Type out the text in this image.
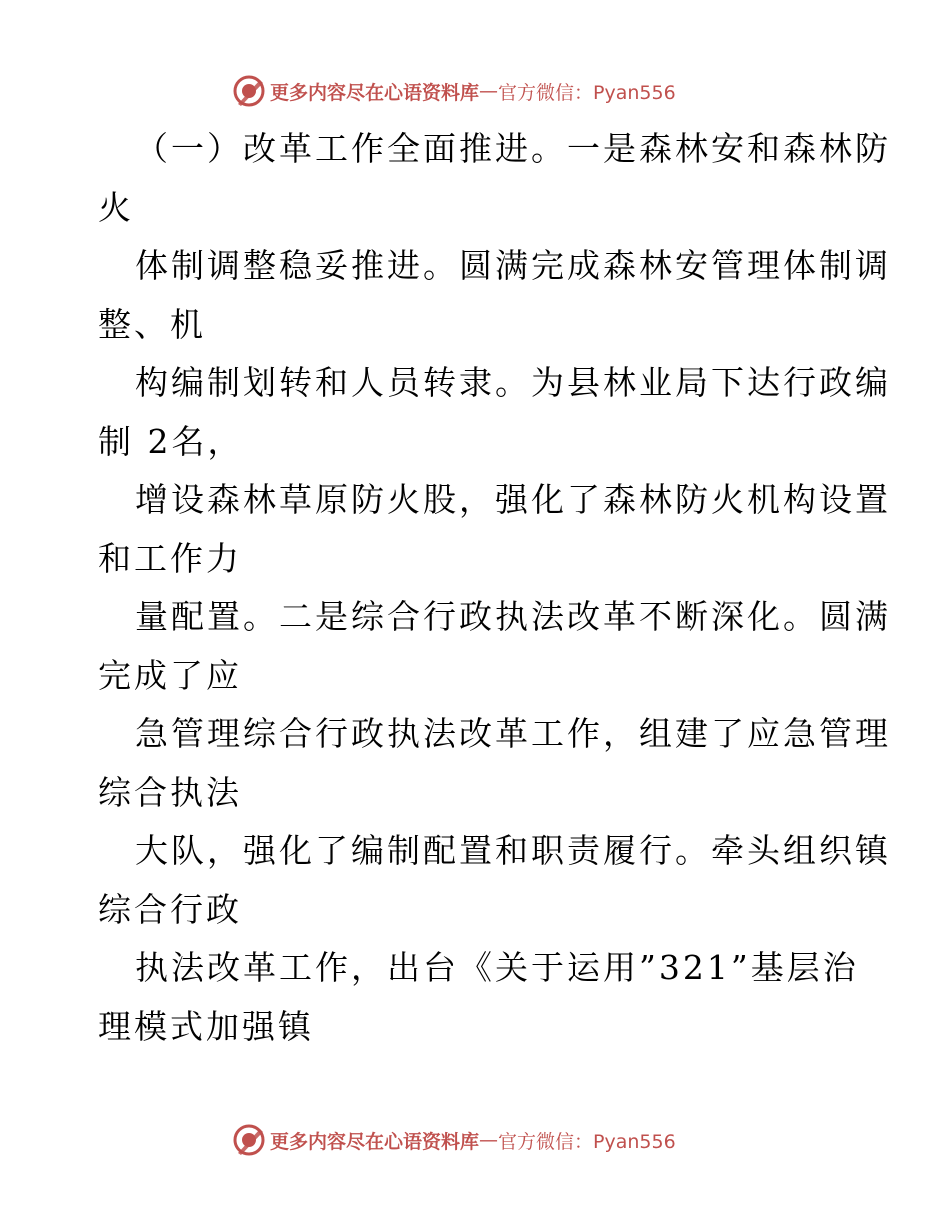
更多内容尽在心语资料库 — 官方微信：Pyan556
（一）改革工作全面推进。一是森林安和森林防
火
体制调整稳妥推进。圆满完成森林安管理体制调
整、机
构编制划转和人员转隶。为县林业局下达行政编
制 2名，
增设森林草原防火股，强化了森林防火机构设置
和工作力
量配置。二是综合行政执法改革不断深化。圆满
完成了应
急管理综合行政执法改革工作，组建了应急管理
综合执法
大队，强化了编制配置和职责履行。牵头组织镇
综合行政
执法改革工作，出台《关于运用”321”基层治
理模式加强镇
更多内容尽在心语资料库 — 官方微信：Pyan556
